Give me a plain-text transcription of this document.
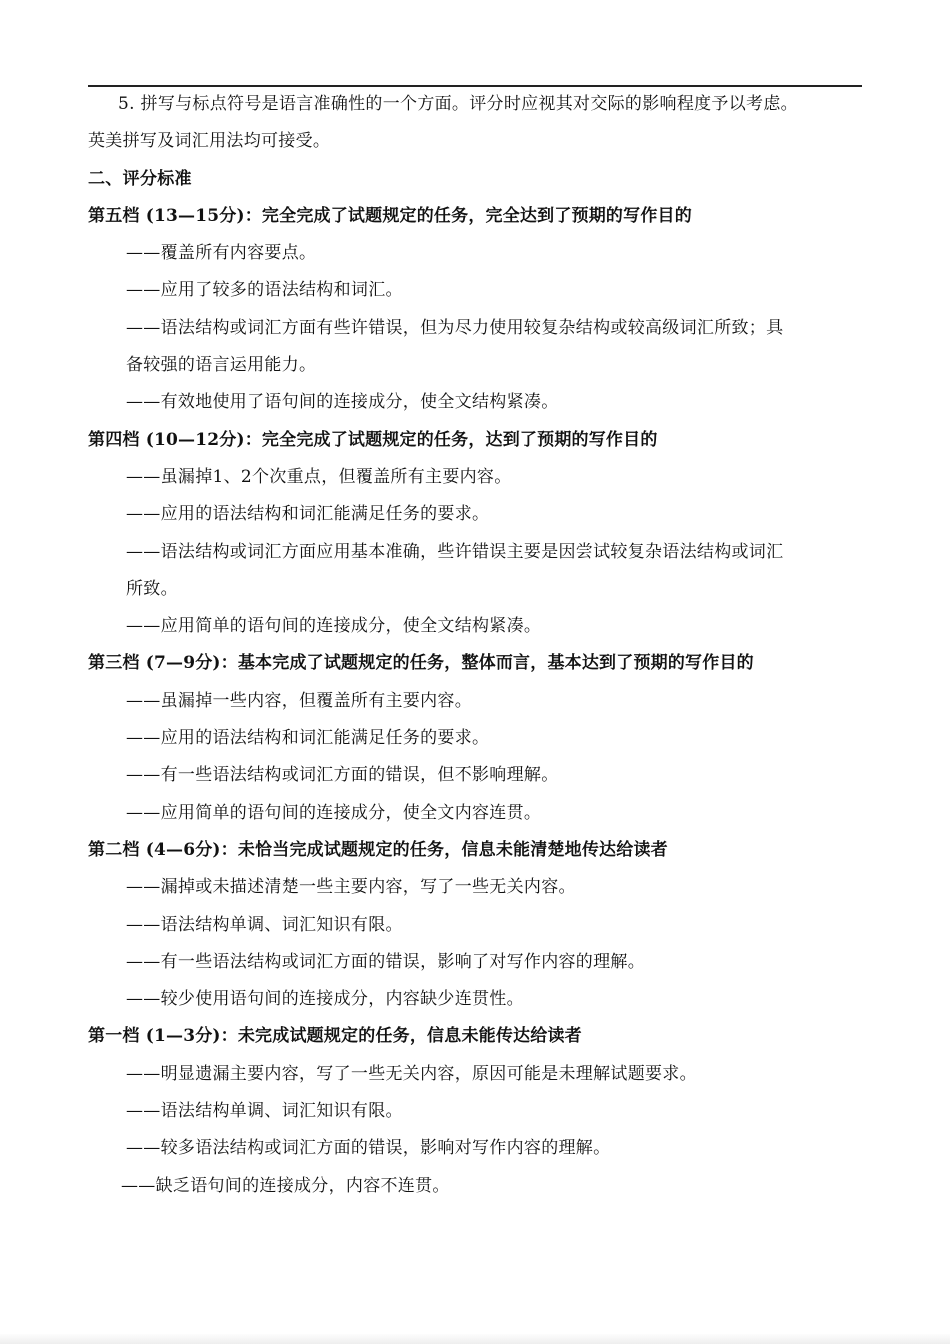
5. 拼写与标点符号是语言准确性的一个方面。评分时应视其对交际的影响程度予以考虑。
英美拼写及词汇用法均可接受。
二、评分标准
第五档 (13—15分)：完全完成了试题规定的任务，完全达到了预期的写作目的
——覆盖所有内容要点。
——应用了较多的语法结构和词汇。
——语法结构或词汇方面有些许错误，但为尽力使用较复杂结构或较高级词汇所致；具
备较强的语言运用能力。
——有效地使用了语句间的连接成分，使全文结构紧凑。
第四档 (10—12分)：完全完成了试题规定的任务，达到了预期的写作目的
——虽漏掉1、2个次重点，但覆盖所有主要内容。
——应用的语法结构和词汇能满足任务的要求。
——语法结构或词汇方面应用基本准确，些许错误主要是因尝试较复杂语法结构或词汇
所致。
——应用简单的语句间的连接成分，使全文结构紧凑。
第三档 (7—9分)：基本完成了试题规定的任务，整体而言，基本达到了预期的写作目的
——虽漏掉一些内容，但覆盖所有主要内容。
——应用的语法结构和词汇能满足任务的要求。
——有一些语法结构或词汇方面的错误，但不影响理解。
——应用简单的语句间的连接成分，使全文内容连贯。
第二档 (4—6分)：未恰当完成试题规定的任务，信息未能清楚地传达给读者
——漏掉或未描述清楚一些主要内容，写了一些无关内容。
——语法结构单调、词汇知识有限。
——有一些语法结构或词汇方面的错误，影响了对写作内容的理解。
——较少使用语句间的连接成分，内容缺少连贯性。
第一档 (1—3分)：未完成试题规定的任务，信息未能传达给读者
——明显遗漏主要内容，写了一些无关内容，原因可能是未理解试题要求。
——语法结构单调、词汇知识有限。
——较多语法结构或词汇方面的错误，影响对写作内容的理解。
——缺乏语句间的连接成分，内容不连贯。
